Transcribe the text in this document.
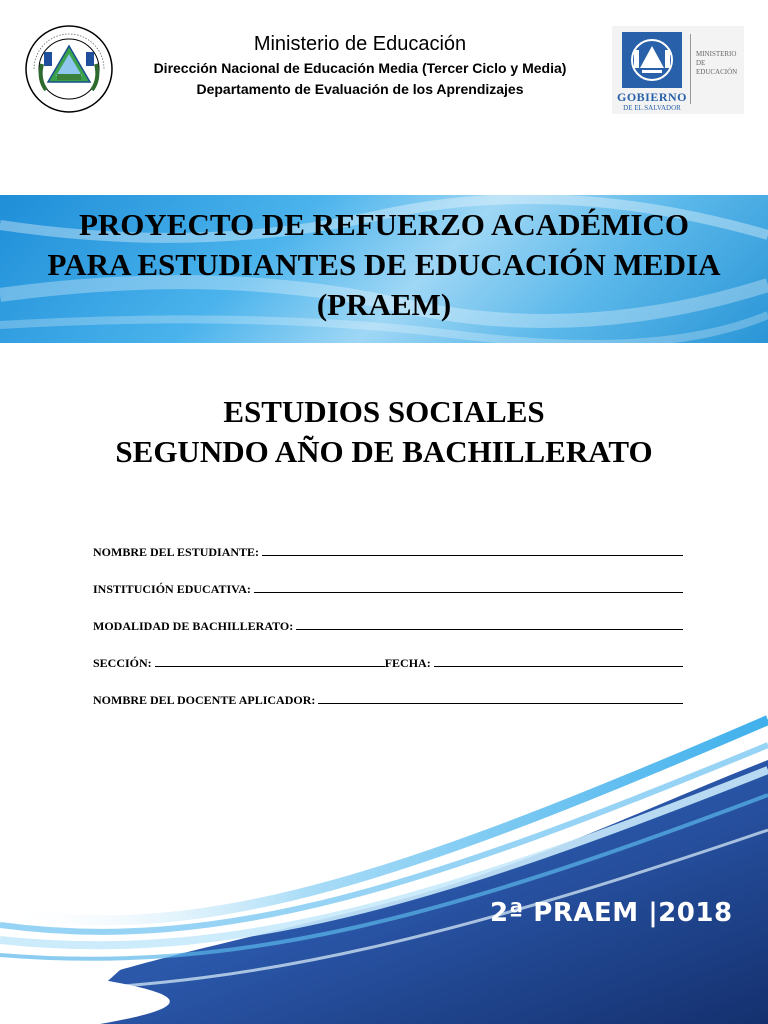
Ministerio de Educación
Dirección Nacional de Educación Media (Tercer Ciclo y Media)
Departamento de Evaluación de los Aprendizajes	GOBIERNO
DE EL SALVADOR
MINISTERIO
DE EDUCACIÓN
PROYECTO DE REFUERZO ACADÉMICO
PARA ESTUDIANTES DE EDUCACIÓN MEDIA
(PRAEM)
ESTUDIOS SOCIALES
SEGUNDO AÑO DE BACHILLERATO
NOMBRE DEL ESTUDIANTE:
INSTITUCIÓN EDUCATIVA:
MODALIDAD DE BACHILLERATO:
SECCIÓN:	FECHA:
NOMBRE DEL DOCENTE APLICADOR:
2ª PRAEM |2018
